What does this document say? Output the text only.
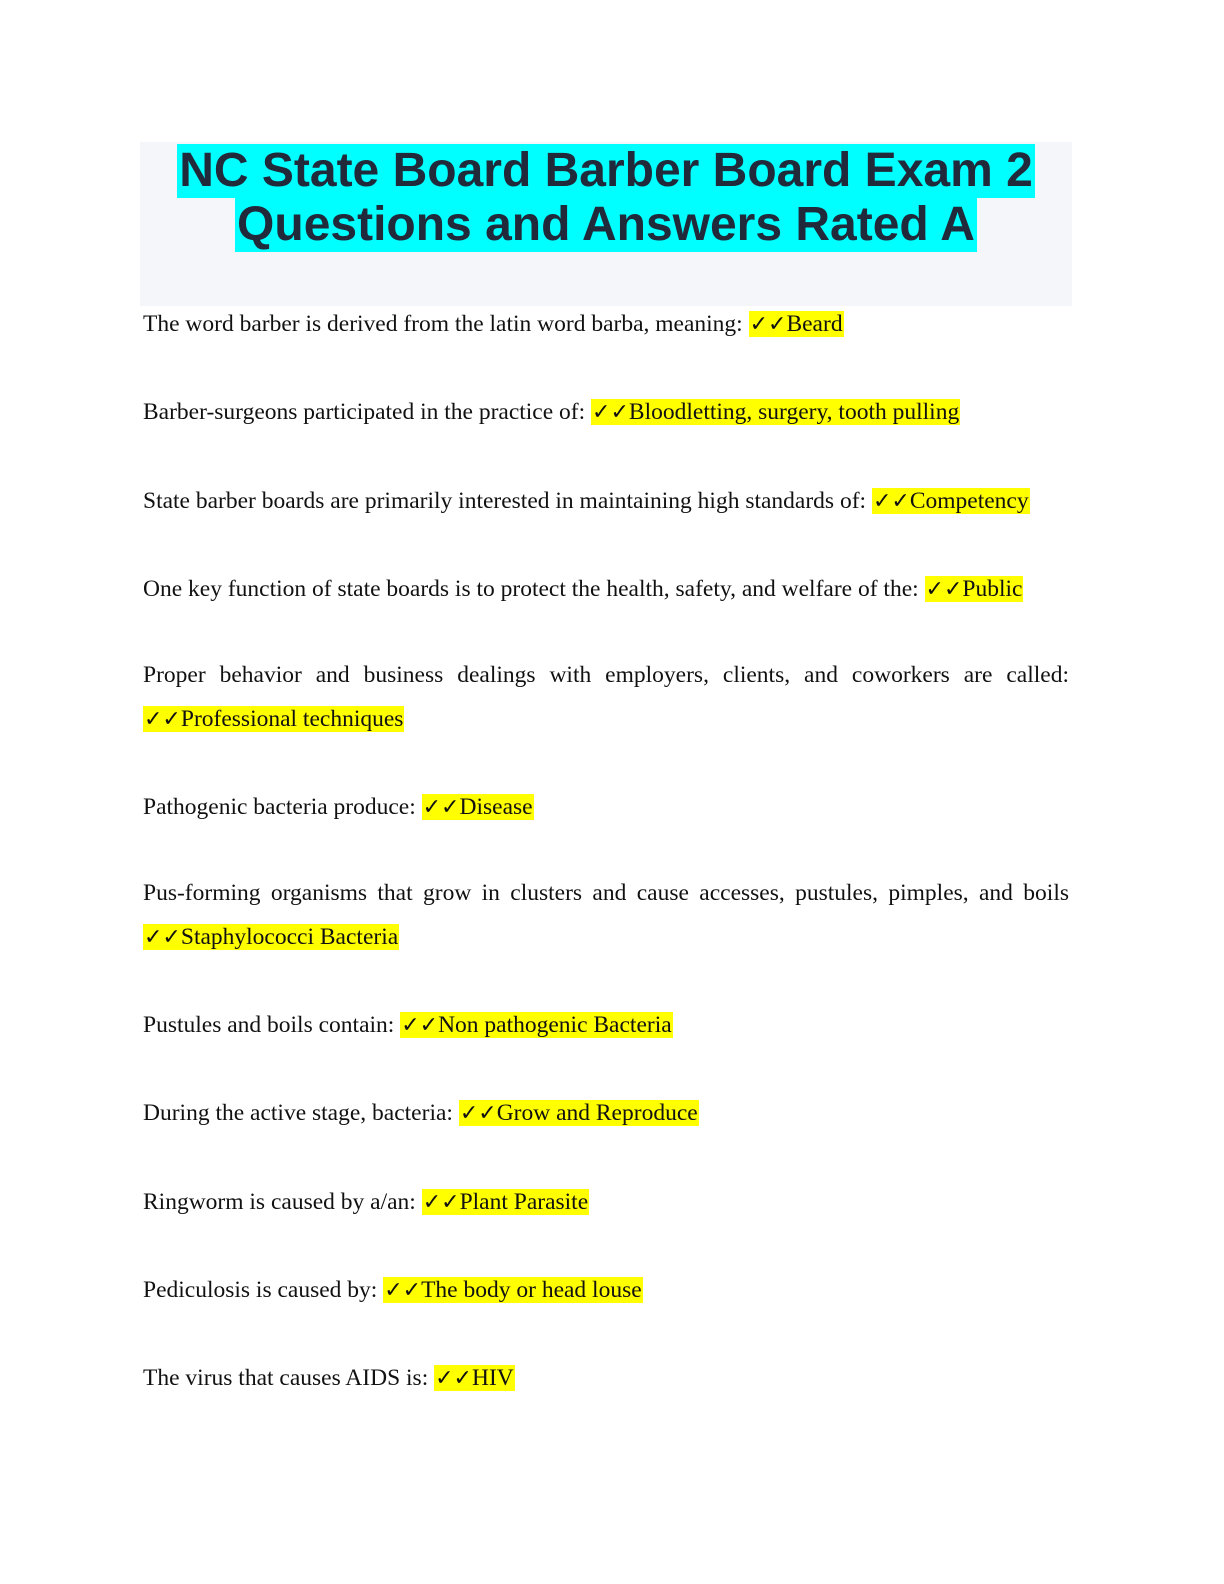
NC State Board Barber Board Exam 2
Questions and Answers Rated A

The word barber is derived from the latin word barba, meaning: ✓✓Beard

Barber-surgeons participated in the practice of: ✓✓Bloodletting, surgery, tooth pulling

State barber boards are primarily interested in maintaining high standards of: ✓✓Competency

One key function of state boards is to protect the health, safety, and welfare of the: ✓✓Public

Proper behavior and business dealings with employers, clients, and coworkers are called: ✓✓Professional techniques

Pathogenic bacteria produce: ✓✓Disease

Pus-forming organisms that grow in clusters and cause accesses, pustules, pimples, and boils ✓✓Staphylococci Bacteria

Pustules and boils contain: ✓✓Non pathogenic Bacteria

During the active stage, bacteria: ✓✓Grow and Reproduce

Ringworm is caused by a/an: ✓✓Plant Parasite

Pediculosis is caused by: ✓✓The body or head louse

The virus that causes AIDS is: ✓✓HIV
